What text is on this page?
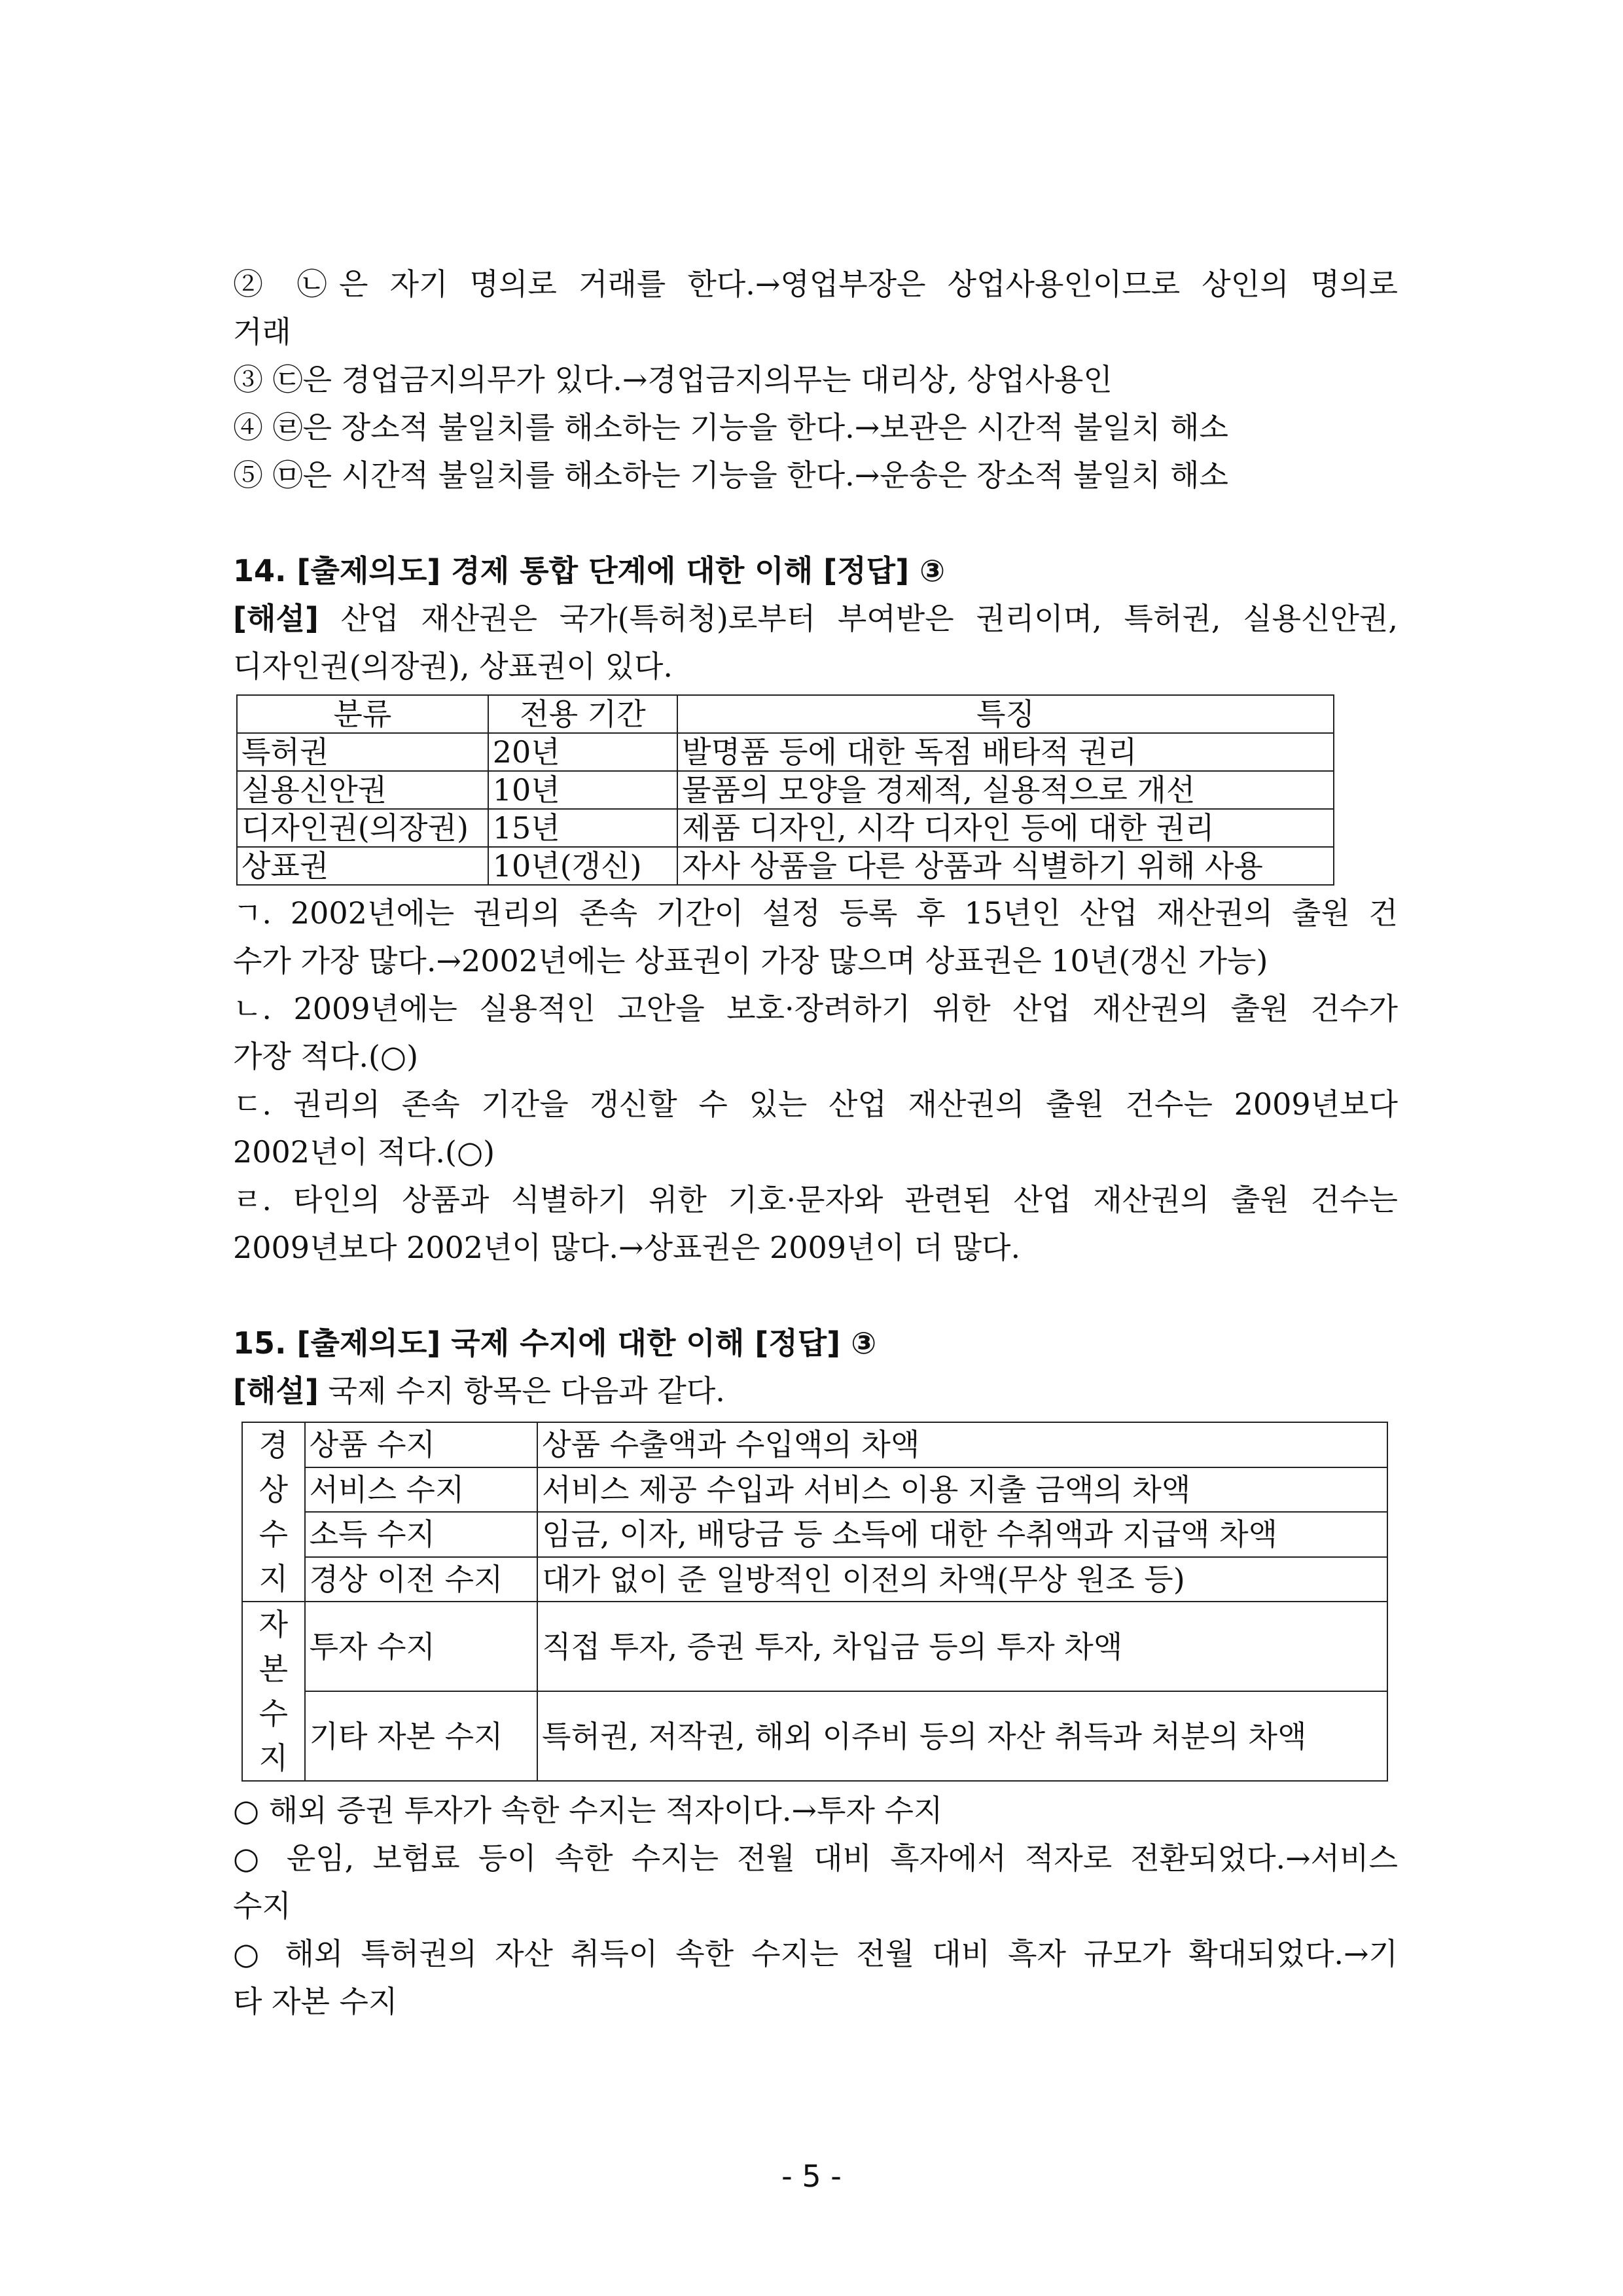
② ㉡은 자기 명의로 거래를 한다.→영업부장은 상업사용인이므로 상인의 명의로
거래
③ ㉢은 경업금지의무가 있다.→경업금지의무는 대리상, 상업사용인
④ ㉣은 장소적 불일치를 해소하는 기능을 한다.→보관은 시간적 불일치 해소
⑤ ㉤은 시간적 불일치를 해소하는 기능을 한다.→운송은 장소적 불일치 해소
14. [출제의도] 경제 통합 단계에 대한 이해 [정답] ③
[해설] 산업 재산권은 국가(특허청)로부터 부여받은 권리이며, 특허권, 실용신안권,
디자인권(의장권), 상표권이 있다.
분류	전용 기간	특징
특허권	20년	발명품 등에 대한 독점 배타적 권리
실용신안권	10년	물품의 모양을 경제적, 실용적으로 개선
디자인권(의장권)	15년	제품 디자인, 시각 디자인 등에 대한 권리
상표권	10년(갱신)	자사 상품을 다른 상품과 식별하기 위해 사용
ㄱ. 2002년에는 권리의 존속 기간이 설정 등록 후 15년인 산업 재산권의 출원 건
수가 가장 많다.→2002년에는 상표권이 가장 많으며 상표권은 10년(갱신 가능)
ㄴ. 2009년에는 실용적인 고안을 보호·장려하기 위한 산업 재산권의 출원 건수가
가장 적다.(○)
ㄷ. 권리의 존속 기간을 갱신할 수 있는 산업 재산권의 출원 건수는 2009년보다
2002년이 적다.(○)
ㄹ. 타인의 상품과 식별하기 위한 기호·문자와 관련된 산업 재산권의 출원 건수는
2009년보다 2002년이 많다.→상표권은 2009년이 더 많다.
15. [출제의도] 국제 수지에 대한 이해 [정답] ③
[해설] 국제 수지 항목은 다음과 같다.
경상 수지	상품 수지	상품 수출액과 수입액의 차액
	서비스 수지	서비스 제공 수입과 서비스 이용 지출 금액의 차액
	소득 수지	임금, 이자, 배당금 등 소득에 대한 수취액과 지급액 차액
	경상 이전 수지	대가 없이 준 일방적인 이전의 차액(무상 원조 등)
자본 수지	투자 수지	직접 투자, 증권 투자, 차입금 등의 투자 차액
	기타 자본 수지	특허권, 저작권, 해외 이주비 등의 자산 취득과 처분의 차액
○ 해외 증권 투자가 속한 수지는 적자이다.→투자 수지
○ 운임, 보험료 등이 속한 수지는 전월 대비 흑자에서 적자로 전환되었다.→서비스
수지
○ 해외 특허권의 자산 취득이 속한 수지는 전월 대비 흑자 규모가 확대되었다.→기
타 자본 수지
- 5 -
